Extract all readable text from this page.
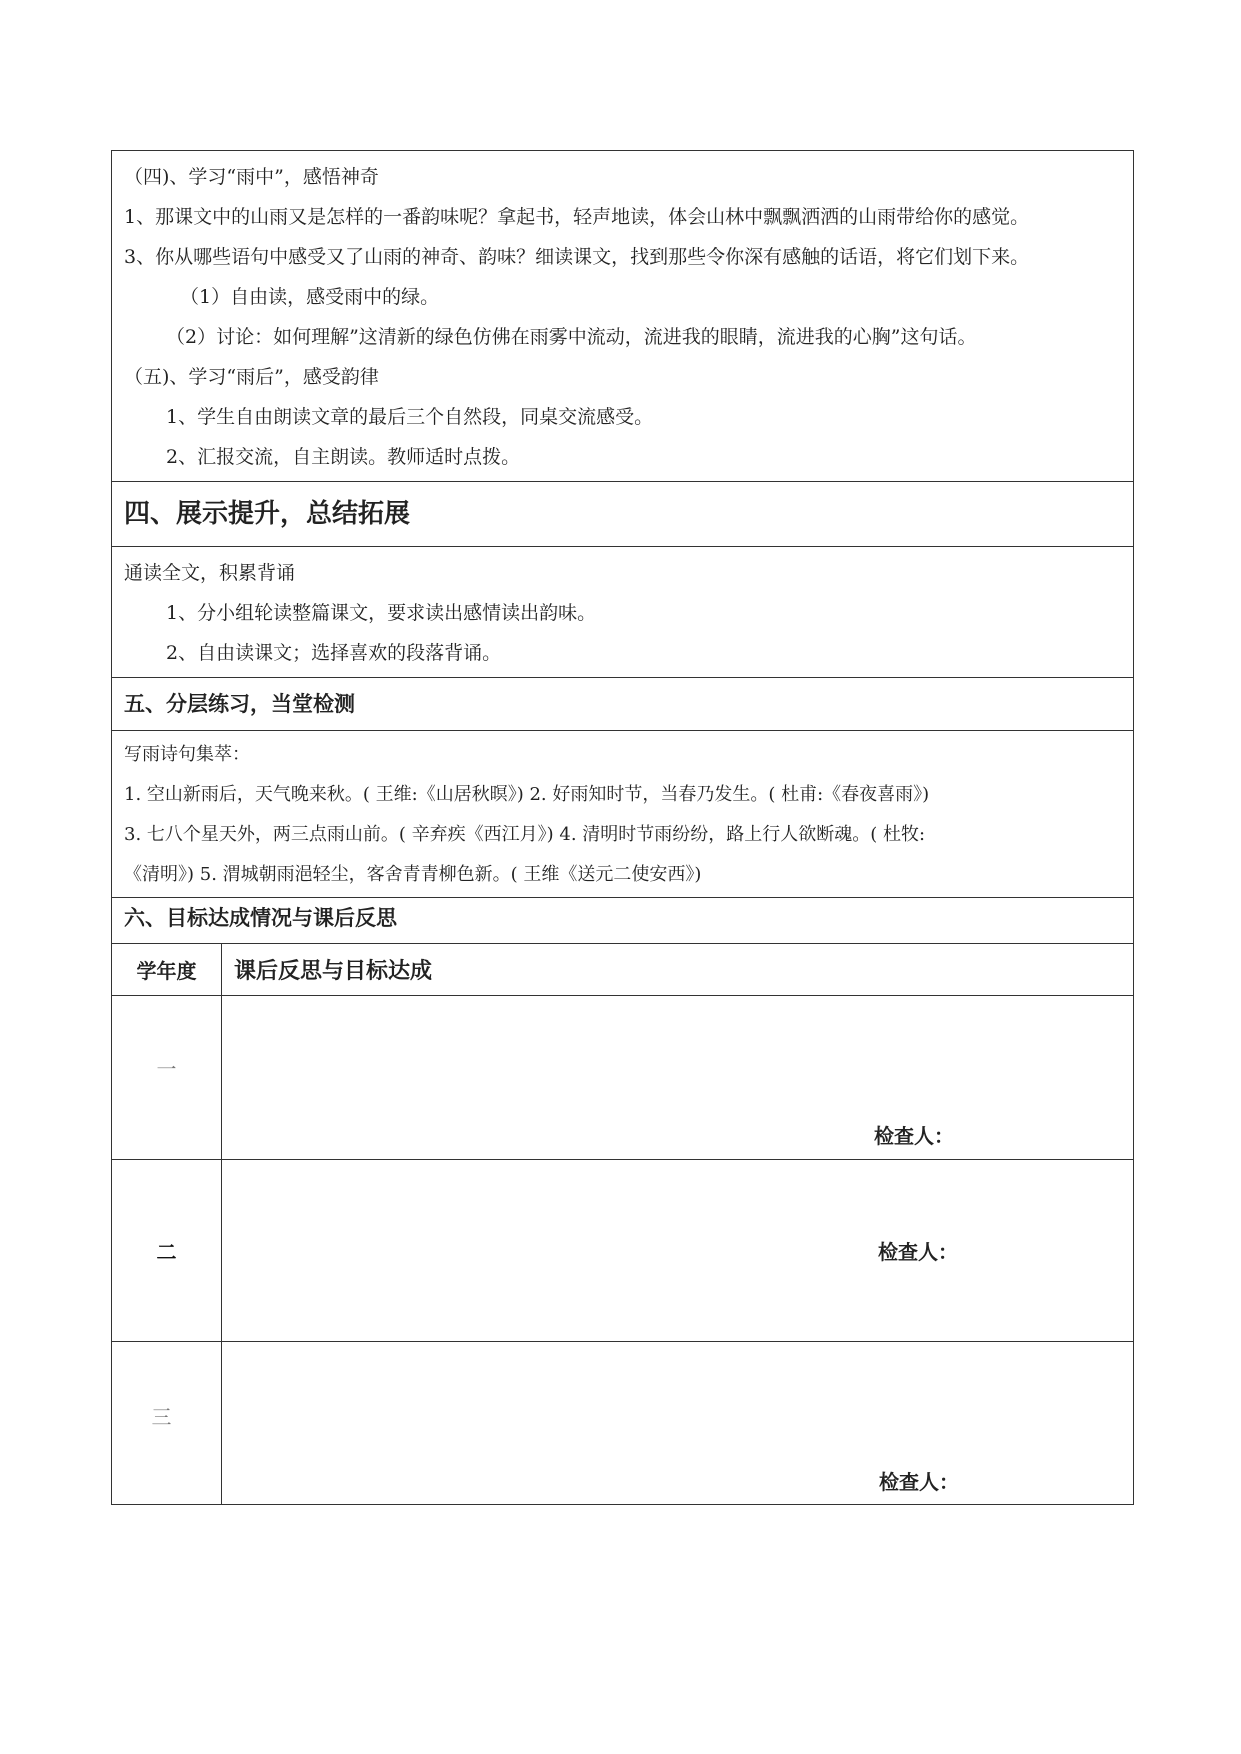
（四)、学习“雨中”，感悟神奇

1、那课文中的山雨又是怎样的一番韵味呢？拿起书，轻声地读，体会山林中飘飘洒洒的山雨带给你的感觉。

3、你从哪些语句中感受又了山雨的神奇、韵味？细读课文，找到那些令你深有感触的话语，将它们划下来。

（1）自由读，感受雨中的绿。

（2）讨论：如何理解”这清新的绿色仿佛在雨雾中流动，流进我的眼睛，流进我的心胸”这句话。

（五)、学习“雨后”，感受韵律

1、学生自由朗读文章的最后三个自然段，同桌交流感受。

2、汇报交流，自主朗读。教师适时点拨。

四、展示提升，总结拓展

通读全文，积累背诵

1、分小组轮读整篇课文，要求读出感情读出韵味。

2、自由读课文；选择喜欢的段落背诵。

五、分层练习，当堂检测

写雨诗句集萃：

1. 空山新雨后，天气晚来秋。( 王维:《山居秋暝》) 2. 好雨知时节，当春乃发生。( 杜甫:《春夜喜雨》)

3. 七八个星天外，两三点雨山前。( 辛弃疾《西江月》) 4. 清明时节雨纷纷，路上行人欲断魂。( 杜牧:

《清明》) 5. 渭城朝雨浥轻尘，客舍青青柳色新。( 王维《送元二使安西》)

六、目标达成情况与课后反思
学年度	课后反思与目标达成
一
检查人：
二	检查人：
三
检查人：
